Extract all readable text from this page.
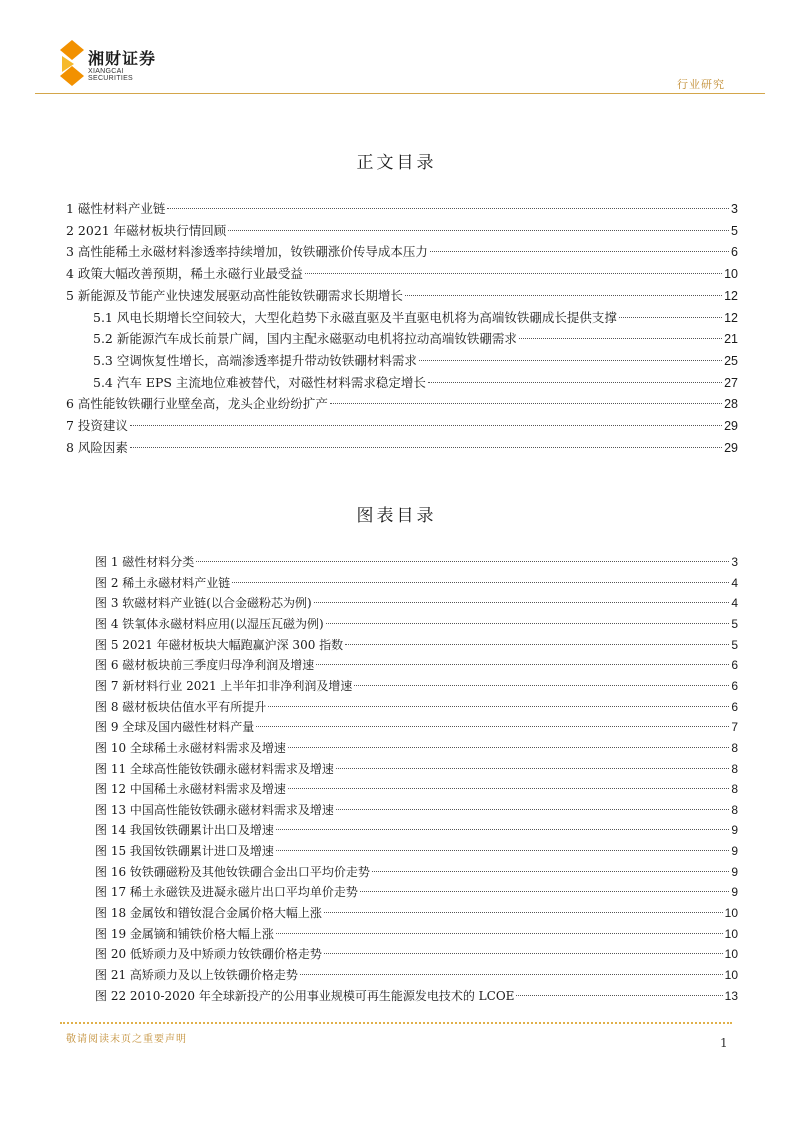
湘财证券
XIANGCAI SECURITIES	行业研究
正文目录
1 磁性材料产业链	3
2 2021 年磁材板块行情回顾	5
3 高性能稀土永磁材料渗透率持续增加，钕铁硼涨价传导成本压力	6
4 政策大幅改善预期，稀土永磁行业最受益	10
5 新能源及节能产业快速发展驱动高性能钕铁硼需求长期增长	12
5.1 风电长期增长空间较大，大型化趋势下永磁直驱及半直驱电机将为高端钕铁硼成长提供支撑	12
5.2 新能源汽车成长前景广阔，国内主配永磁驱动电机将拉动高端钕铁硼需求	21
5.3 空调恢复性增长，高端渗透率提升带动钕铁硼材料需求	25
5.4 汽车 EPS 主流地位难被替代，对磁性材料需求稳定增长	27
6 高性能钕铁硼行业壁垒高，龙头企业纷纷扩产	28
7 投资建议	29
8 风险因素	29
图表目录
图 1 磁性材料分类	3
图 2 稀土永磁材料产业链	4
图 3 软磁材料产业链(以合金磁粉芯为例)	4
图 4 铁氧体永磁材料应用(以湿压瓦磁为例)	5
图 5 2021 年磁材板块大幅跑赢沪深 300 指数	5
图 6 磁材板块前三季度归母净利润及增速	6
图 7 新材料行业 2021 上半年扣非净利润及增速	6
图 8 磁材板块估值水平有所提升	6
图 9 全球及国内磁性材料产量	7
图 10 全球稀土永磁材料需求及增速	8
图 11 全球高性能钕铁硼永磁材料需求及增速	8
图 12 中国稀土永磁材料需求及增速	8
图 13 中国高性能钕铁硼永磁材料需求及增速	8
图 14 我国钕铁硼累计出口及增速	9
图 15 我国钕铁硼累计进口及增速	9
图 16 钕铁硼磁粉及其他钕铁硼合金出口平均价走势	9
图 17 稀土永磁铁及进凝永磁片出口平均单价走势	9
图 18 金属钕和镨钕混合金属价格大幅上涨	10
图 19 金属镝和铺铁价格大幅上涨	10
图 20 低矫顽力及中矫顽力钕铁硼价格走势	10
图 21 高矫顽力及以上钕铁硼价格走势	10
图 22 2010-2020 年全球新投产的公用事业规模可再生能源发电技术的 LCOE	13
敬请阅读末页之重要声明	1
